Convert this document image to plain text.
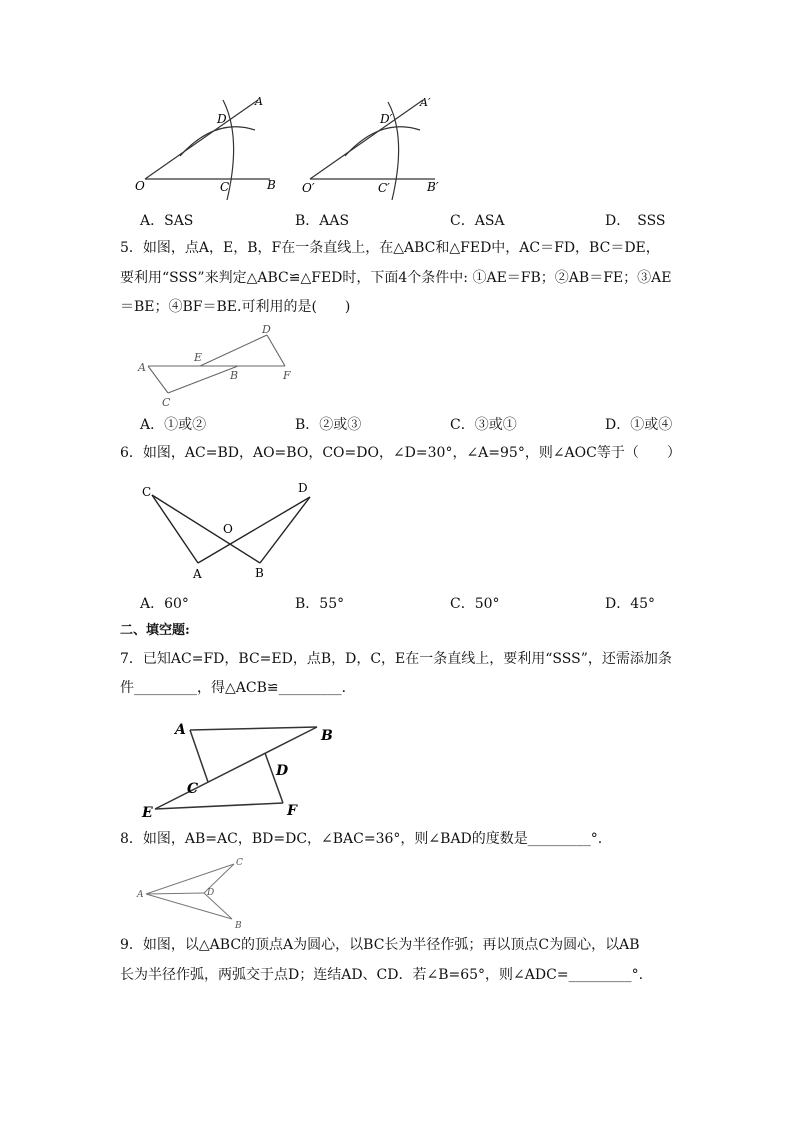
O	C	B
D
A
O′	C′	B′
D′
A′
A．SAS	B．AAS	C．ASA	D．　SSS
5．如图，点A，E，B，F在一条直线上，在△ABC和△FED中，AC＝FD，BC＝DE，
要利用“SSS”来判定△ABC≌△FED时，下面4个条件中: ①AE＝FB；②AB＝FE；③AE
＝BE；④BF＝BE.可利用的是(　　)
A
E
B	F
C
D
A．①或②	B．②或③	C．③或①	D．①或④
6．如图，AC=BD，AO=BO，CO=DO，∠D=30°，∠A=95°，则∠AOC等于（　　）
C	D
O
A	B
A．60°	B．55°	C．50°	D．45°
二、填空题:
7．已知AC=FD，BC=ED，点B，D，C，E在一条直线上，要利用“SSS”，还需添加条
件_________，得△ACB≌_________．
A	B
C
D
E	F
8．如图，AB=AC，BD=DC，∠BAC=36°，则∠BAD的度数是_________°.
A
C
D
B
9．如图，以△ABC的顶点A为圆心，以BC长为半径作弧；再以顶点C为圆心，以AB
长为半径作弧，两弧交于点D；连结AD、CD．若∠B=65°，则∠ADC=_________°.
